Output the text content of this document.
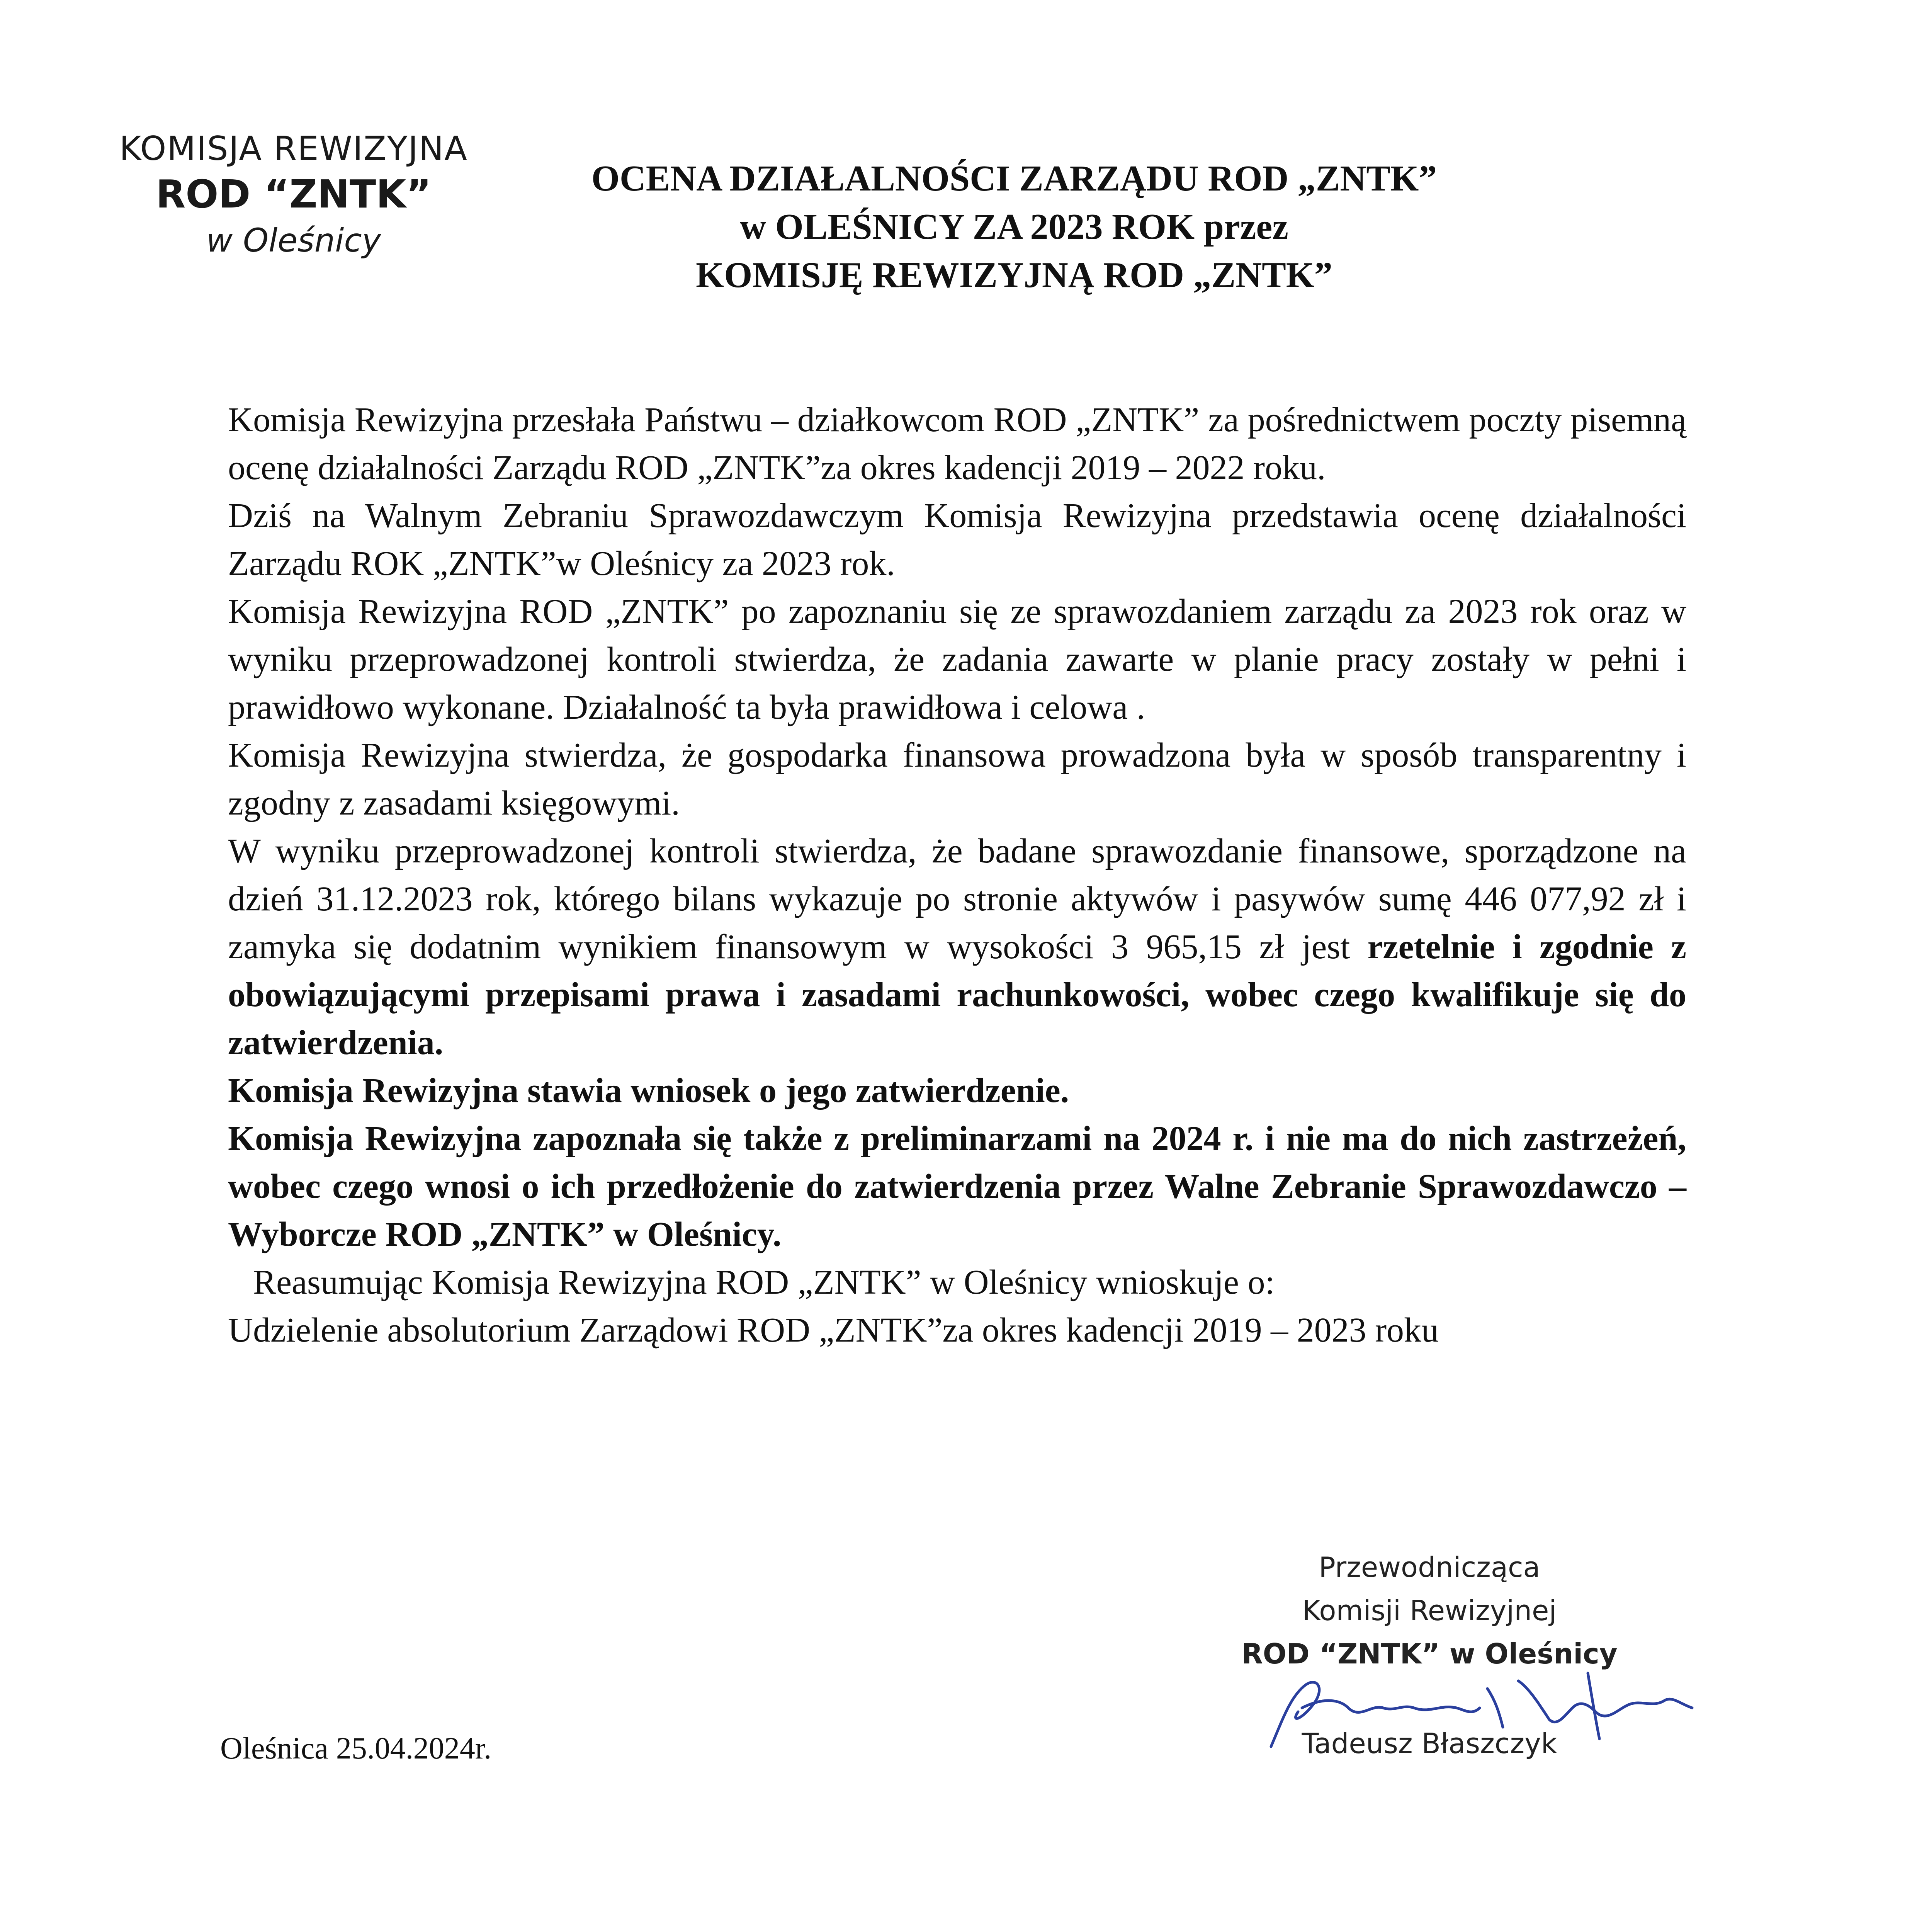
KOMISJA REWIZYJNA
ROD “ZNTK”
w Oleśnicy
OCENA DZIAŁALNOŚCI ZARZĄDU ROD „ZNTK”
w OLEŚNICY ZA 2023 ROK przez
KOMISJĘ REWIZYJNĄ ROD „ZNTK”

Komisja Rewizyjna przesłała Państwu – działkowcom ROD „ZNTK” za pośrednictwem poczty pisemną ocenę działalności Zarządu ROD „ZNTK”za okres kadencji 2019 – 2022 roku.

Dziś na Walnym Zebraniu Sprawozdawczym Komisja Rewizyjna przedstawia ocenę działalności Zarządu ROK „ZNTK”w Oleśnicy za 2023 rok.

Komisja Rewizyjna ROD „ZNTK” po zapoznaniu się ze sprawozdaniem zarządu za 2023 rok oraz w wyniku przeprowadzonej kontroli stwierdza, że zadania zawarte w planie pracy zostały w pełni i prawidłowo wykonane. Działalność ta była prawidłowa i celowa .

Komisja Rewizyjna stwierdza, że gospodarka finansowa prowadzona była w sposób transparentny i zgodny z zasadami księgowymi.

W wyniku przeprowadzonej kontroli stwierdza, że badane sprawozdanie finansowe, sporządzone na dzień 31.12.2023 rok, którego bilans wykazuje po stronie aktywów i pasywów sumę 446 077,92 zł i zamyka się dodatnim wynikiem finansowym w wysokości 3 965,15 zł jest rzetelnie i zgodnie z obowiązującymi przepisami prawa i zasadami rachunkowości, wobec czego kwalifikuje się do zatwierdzenia.

Komisja Rewizyjna stawia wniosek o jego zatwierdzenie.

Komisja Rewizyjna zapoznała się także z preliminarzami na 2024 r. i nie ma do nich zastrzeżeń, wobec czego wnosi o ich przedłożenie do zatwierdzenia przez Walne Zebranie Sprawozdawczo – Wyborcze ROD „ZNTK” w Oleśnicy.

Reasumując Komisja Rewizyjna ROD „ZNTK” w Oleśnicy wnioskuje o:

Udzielenie absolutorium Zarządowi ROD „ZNTK”za okres kadencji 2019 – 2023 roku

Przewodnicząca
Komisji Rewizyjnej
ROD “ZNTK” w Oleśnicy
Tadeusz Błaszczyk
Oleśnica 25.04.2024r.
